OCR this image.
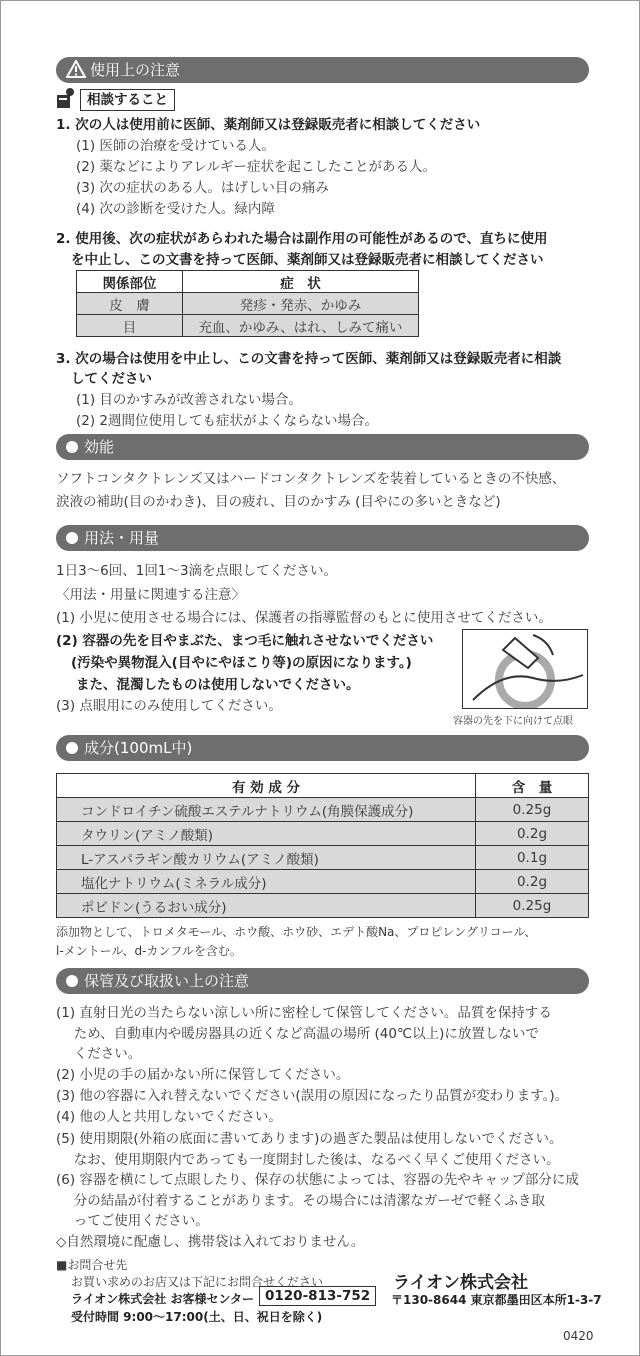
使用上の注意
相談すること
1. 次の人は使用前に医師、薬剤師又は登録販売者に相談してください
(1) 医師の治療を受けている人。
(2) 薬などによりアレルギー症状を起こしたことがある人。
(3) 次の症状のある人。はげしい目の痛み
(4) 次の診断を受けた人。緑内障
2. 使用後、次の症状があらわれた場合は副作用の可能性があるので、直ちに使用
を中止し、この文書を持って医師、薬剤師又は登録販売者に相談してください
関係部位	症　状
皮　膚	発疹・発赤、かゆみ
目	充血、かゆみ、はれ、しみて痛い
3. 次の場合は使用を中止し、この文書を持って医師、薬剤師又は登録販売者に相談
してください
(1) 目のかすみが改善されない場合。
(2) 2週間位使用しても症状がよくならない場合。
効能
ソフトコンタクトレンズ又はハードコンタクトレンズを装着しているときの不快感、
涙液の補助(目のかわき)、目の疲れ、目のかすみ (目やにの多いときなど)
用法・用量
1日3～6回、1回1～3滴を点眼してください。
〈用法・用量に関連する注意〉
(1) 小児に使用させる場合には、保護者の指導監督のもとに使用させてください。
(2) 容器の先を目やまぶた、まつ毛に触れさせないでください
(汚染や異物混入(目やにやほこり等)の原因になります。)
また、混濁したものは使用しないでください。
(3) 点眼用にのみ使用してください。
容器の先を下に向けて点眼
成分(100mL中)
有 効 成 分	含　量
コンドロイチン硫酸エステルナトリウム(角膜保護成分)	0.25g
タウリン(アミノ酸類)	0.2g
L-アスパラギン酸カリウム(アミノ酸類)	0.1g
塩化ナトリウム(ミネラル成分)	0.2g
ポビドン(うるおい成分)	0.25g
添加物として、トロメタモール、ホウ酸、ホウ砂、エデト酸Na、プロピレングリコール、
l-メントール、d-カンフルを含む。
保管及び取扱い上の注意
(1) 直射日光の当たらない涼しい所に密栓して保管してください。品質を保持する
　 ため、自動車内や暖房器具の近くなど高温の場所 (40℃以上)に放置しないで
　 ください。
(2) 小児の手の届かない所に保管してください。
(3) 他の容器に入れ替えないでください(誤用の原因になったり品質が変わります。)。
(4) 他の人と共用しないでください。
(5) 使用期限(外箱の底面に書いてあります)の過ぎた製品は使用しないでください。
　 なお、使用期限内であっても一度開封した後は、なるべく早くご使用ください。
(6) 容器を横にして点眼したり、保存の状態によっては、容器の先やキャップ部分に成
　 分の結晶が付着することがあります。その場合には清潔なガーゼで軽くふき取
　 ってご使用ください。
◇自然環境に配慮し、携帯袋は入れておりません。
■お問合せ先
お買い求めのお店又は下記にお問合せください
ライオン株式会社 お客様センター 0120-813-752
受付時間 9:00～17:00(土、日、祝日を除く)
ライオン株式会社
〒130-8644 東京都墨田区本所1-3-7
0420
